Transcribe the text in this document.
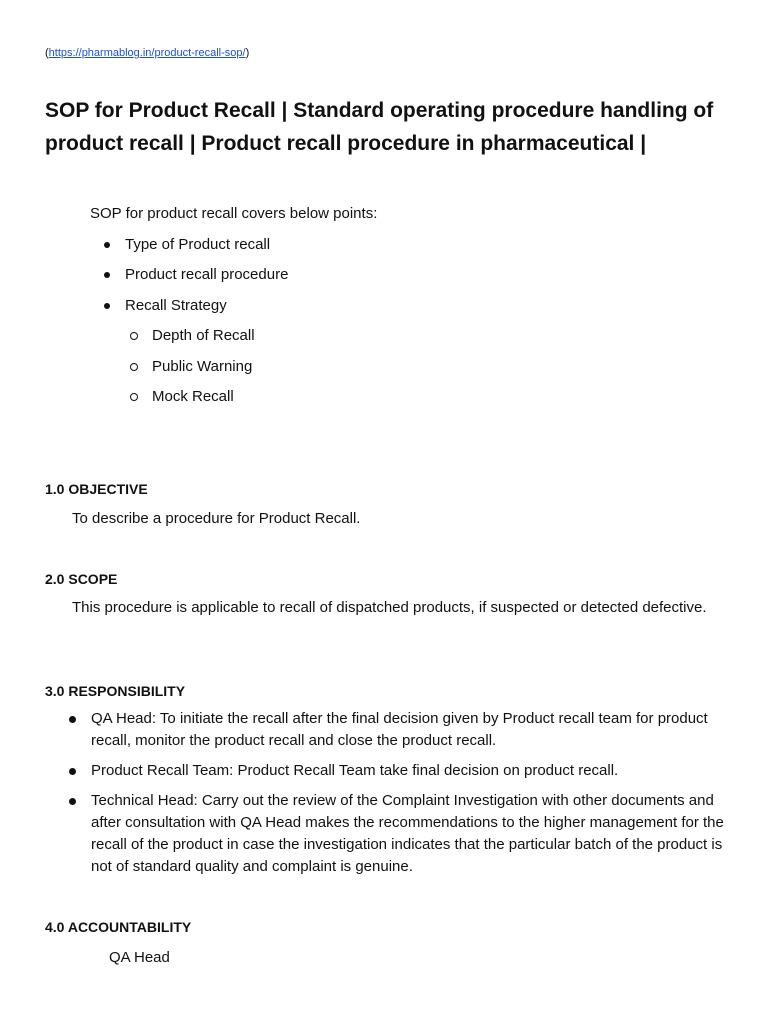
(https://pharmablog.in/product-recall-sop/)
SOP for Product Recall | Standard operating procedure handling of product recall | Product recall procedure in pharmaceutical |
SOP for product recall covers below points:
Type of Product recall
Product recall procedure
Recall Strategy
Depth of Recall
Public Warning
Mock Recall
1.0 OBJECTIVE

To describe a procedure for Product Recall.

2.0 SCOPE

This procedure is applicable to recall of dispatched products, if suspected or detected defective.

3.0 RESPONSIBILITY
QA Head: To initiate the recall after the final decision given by Product recall team for product recall, monitor the product recall and close the product recall.
Product Recall Team: Product Recall Team take final decision on product recall.
Technical Head: Carry out the review of the Complaint Investigation with other documents and after consultation with QA Head makes the recommendations to the higher management for the recall of the product in case the investigation indicates that the particular batch of the product is not of standard quality and complaint is genuine.
4.0 ACCOUNTABILITY

QA Head
